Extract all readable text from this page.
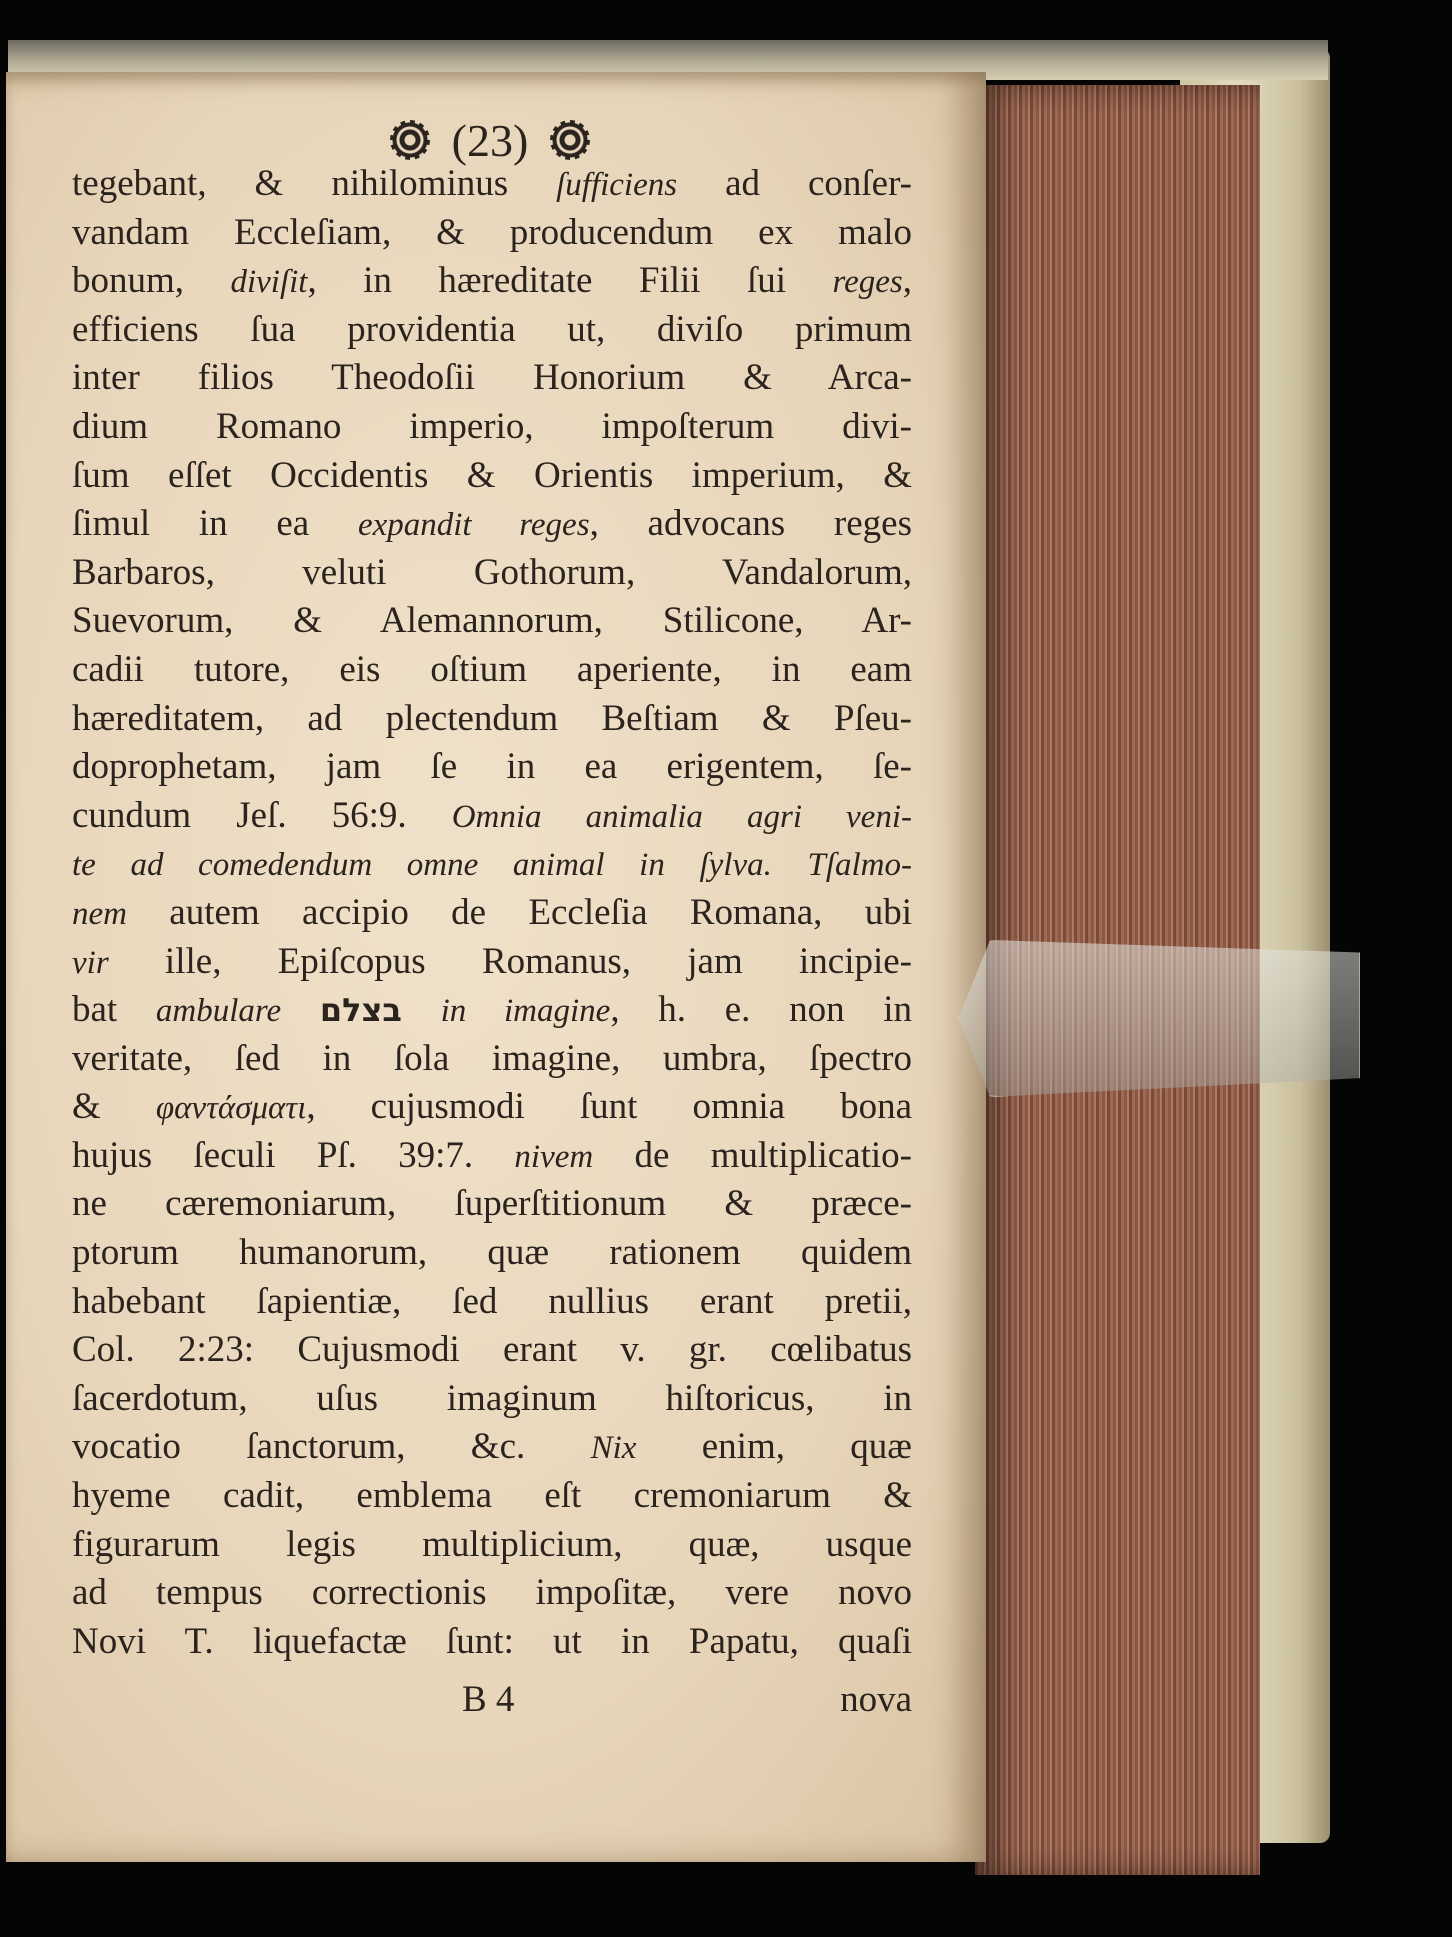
(23)
tegebant, & nihilominus ſufficiens ad conſer-
vandam Eccleſiam, & producendum ex malo
bonum, diviſit, in hæreditate Filii ſui reges,
efficiens ſua providentia ut, diviſo primum
inter filios Theodoſii Honorium & Arca-
dium Romano imperio, impoſterum divi-
ſum eſſet Occidentis & Orientis imperium, &
ſimul in ea expandit reges, advocans reges
Barbaros, veluti Gothorum, Vandalorum,
Suevorum, & Alemannorum, Stilicone, Ar-
cadii tutore, eis oſtium aperiente, in eam
hæreditatem, ad plectendum Beſtiam & Pſeu-
doprophetam, jam ſe in ea erigentem, ſe-
cundum Jeſ. 56:9. Omnia animalia agri veni-
te ad comedendum omne animal in ſylva. Tſalmo-
nem autem accipio de Eccleſia Romana, ubi
vir ille, Epiſcopus Romanus, jam incipie-
bat ambulare בצלם in imagine, h. e. non in
veritate, ſed in ſola imagine, umbra, ſpectro
& φαντάσματι, cujusmodi ſunt omnia bona
hujus ſeculi Pſ. 39:7. nivem de multiplicatio-
ne cæremoniarum, ſuperſtitionum & præce-
ptorum humanorum, quæ rationem quidem
habebant ſapientiæ, ſed nullius erant pretii,
Col. 2:23: Cujusmodi erant v. gr. cœlibatus
ſacerdotum, uſus imaginum hiſtoricus, in
vocatio ſanctorum, &c. Nix enim, quæ
hyeme cadit, emblema eſt cremoniarum &
figurarum legis multiplicium, quæ, usque
ad tempus correctionis impoſitæ, vere novo
Novi T. liquefactæ ſunt: ut in Papatu, quaſi
B 4	nova
